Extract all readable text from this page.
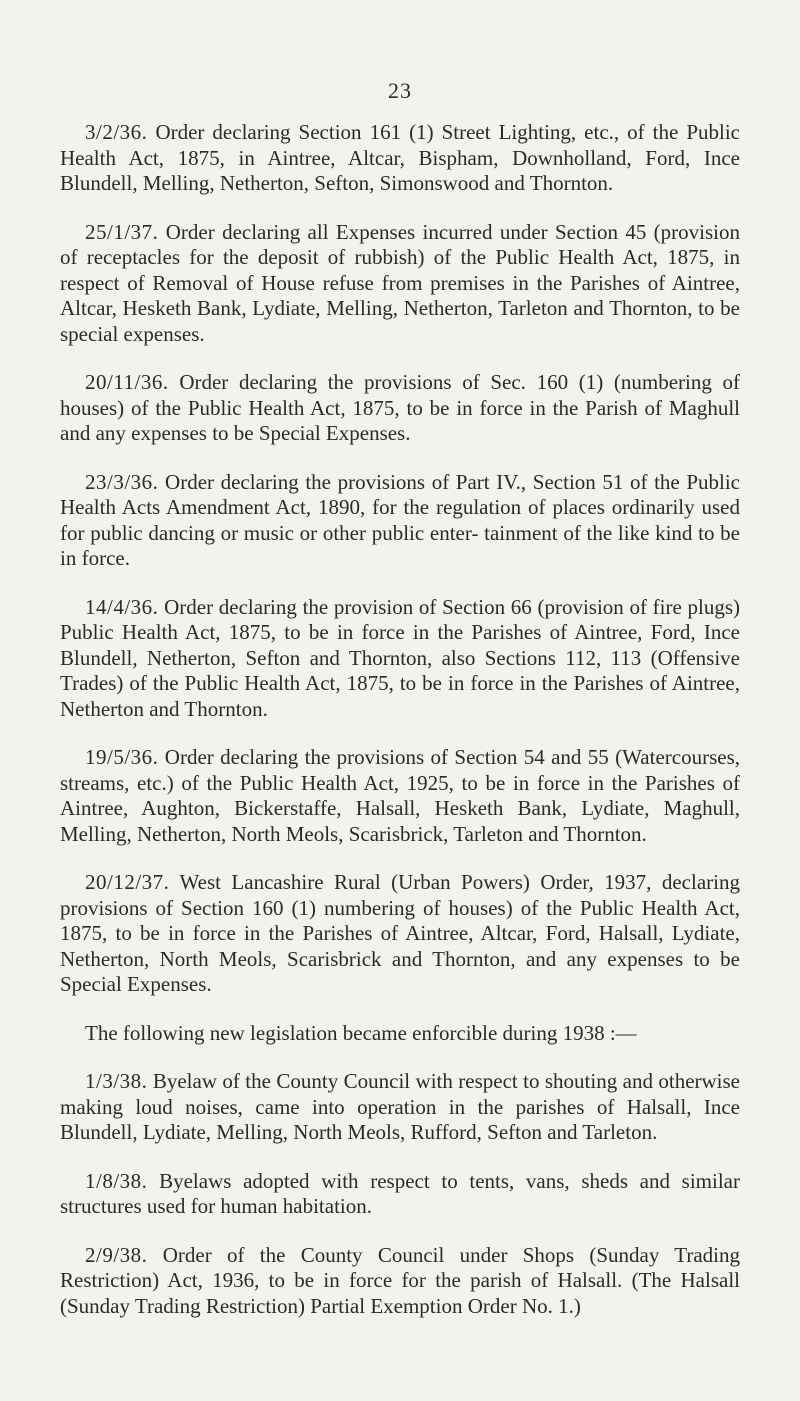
23

3/2/36. Order declaring Section 161 (1) Street Lighting, etc., of the Public Health Act, 1875, in Aintree, Altcar, Bispham, Downholland, Ford, Ince Blundell, Melling, Netherton, Sefton, Simonswood and Thornton.

25/1/37. Order declaring all Expenses incurred under Section 45 (provision of receptacles for the deposit of rubbish) of the Public Health Act, 1875, in respect of Removal of House refuse from premises in the Parishes of Aintree, Altcar, Hesketh Bank, Lydiate, Melling, Netherton, Tarleton and Thornton, to be special expenses.

20/11/36. Order declaring the provisions of Sec. 160 (1) (numbering of houses) of the Public Health Act, 1875, to be in force in the Parish of Maghull and any expenses to be Special Expenses.

23/3/36. Order declaring the provisions of Part IV., Section 51 of the Public Health Acts Amendment Act, 1890, for the regulation of places ordinarily used for public dancing or music or other public enter- tainment of the like kind to be in force.

14/4/36. Order declaring the provision of Section 66 (provision of fire plugs) Public Health Act, 1875, to be in force in the Parishes of Aintree, Ford, Ince Blundell, Netherton, Sefton and Thornton, also Sections 112, 113 (Offensive Trades) of the Public Health Act, 1875, to be in force in the Parishes of Aintree, Netherton and Thornton.

19/5/36. Order declaring the provisions of Section 54 and 55 (Watercourses, streams, etc.) of the Public Health Act, 1925, to be in force in the Parishes of Aintree, Aughton, Bickerstaffe, Halsall, Hesketh Bank, Lydiate, Maghull, Melling, Netherton, North Meols, Scarisbrick, Tarleton and Thornton.

20/12/37. West Lancashire Rural (Urban Powers) Order, 1937, declaring provisions of Section 160 (1) numbering of houses) of the Public Health Act, 1875, to be in force in the Parishes of Aintree, Altcar, Ford, Halsall, Lydiate, Netherton, North Meols, Scarisbrick and Thornton, and any expenses to be Special Expenses.

The following new legislation became enforcible during 1938 :—

1/3/38. Byelaw of the County Council with respect to shouting and otherwise making loud noises, came into operation in the parishes of Halsall, Ince Blundell, Lydiate, Melling, North Meols, Rufford, Sefton and Tarleton.

1/8/38. Byelaws adopted with respect to tents, vans, sheds and similar structures used for human habitation.

2/9/38. Order of the County Council under Shops (Sunday Trading Restriction) Act, 1936, to be in force for the parish of Halsall. (The Halsall (Sunday Trading Restriction) Partial Exemption Order No. 1.)
